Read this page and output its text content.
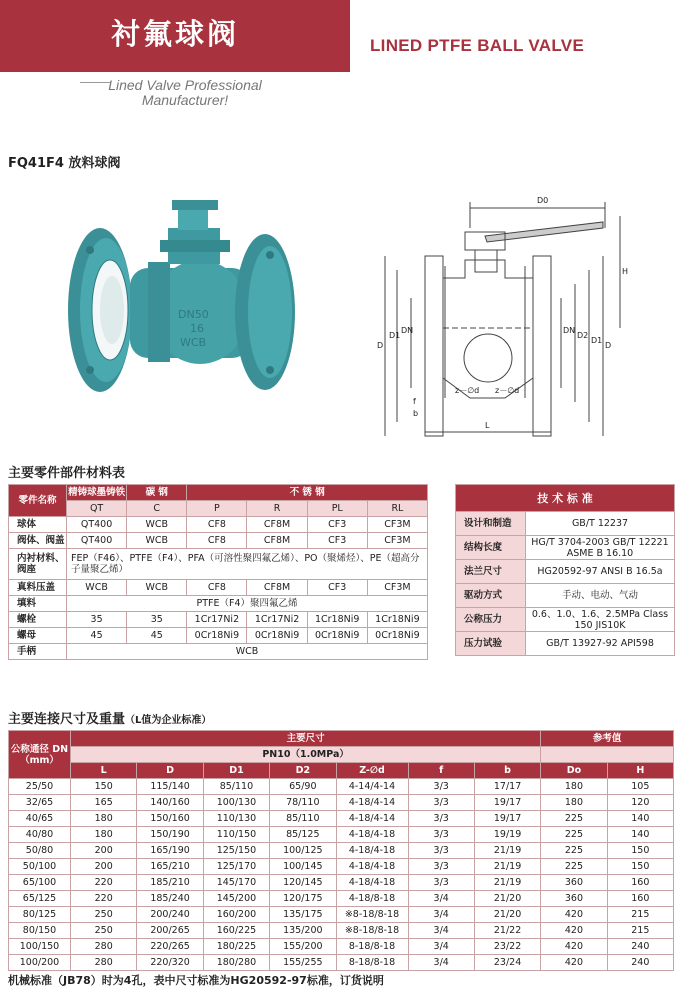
衬氟球阀	LINED PTFE BALL VALVE
Lined Valve Professional
Manufacturer!
FQ41F4 放料球阀
DN50
16
WCB
D0
D
D1
DN	DN
D2
D1
D
H
z－∅d z－∅d
f
b
L
主要零件部件材料表
零件名称	精铸球墨铸铁	碳 钢	不 锈 钢			
	QT	C	P	R	PL	RL
球体	QT400	WCB	CF8	CF8M	CF3	CF3M
阀体、阀盖	QT400	WCB	CF8	CF8M	CF3	CF3M
内衬材料、阀座	FEP（F46）、PTFE（F4）、PFA（可溶性聚四氟乙烯）、PO（聚烯烃）、PE（超高分子量聚乙烯）					
真料压盖	WCB	WCB	CF8	CF8M	CF3	CF3M
填料	PTFE（F4）聚四氟乙烯					
螺栓	35	35	1Cr17Ni2	1Cr17Ni2	1Cr18Ni9	1Cr18Ni9
螺母	45	45	0Cr18Ni9	0Cr18Ni9	0Cr18Ni9	0Cr18Ni9
手柄	WCB					
技 术 标 准	
设计和制造	GB/T 12237
结构长度	HG/T 3704-2003 GB/T 12221 ASME B 16.10
法兰尺寸	HG20592-97 ANSI B 16.5a
驱动方式	手动、电动、气动
公称压力	0.6、1.0、1.6、2.5MPa Class 150 JIS10K
压力试验	GB/T 13927-92 API598
主要连接尺寸及重量（L值为企业标准）
公称通径 DN（mm）	主要尺寸							参考值	
	PN10（1.0MPa）								
	L	D	D1	D2	Z-∅d	f	b	Do	H
25/50	150	115/140	85/110	65/90	4-14/4-14	3/3	17/17	180	105
32/65	165	140/160	100/130	78/110	4-18/4-14	3/3	19/17	180	120
40/65	180	150/160	110/130	85/110	4-18/4-14	3/3	19/17	225	140
40/80	180	150/190	110/150	85/125	4-18/4-18	3/3	19/19	225	140
50/80	200	165/190	125/150	100/125	4-18/4-18	3/3	21/19	225	150
50/100	200	165/210	125/170	100/145	4-18/4-18	3/3	21/19	225	150
65/100	220	185/210	145/170	120/145	4-18/4-18	3/3	21/19	360	160
65/125	220	185/240	145/200	120/175	4-18/8-18	3/4	21/20	360	160
80/125	250	200/240	160/200	135/175	※8-18/8-18	3/4	21/20	420	215
80/150	250	200/265	160/225	135/200	※8-18/8-18	3/4	21/22	420	215
100/150	280	220/265	180/225	155/200	8-18/8-18	3/4	23/22	420	240
100/200	280	220/320	180/280	155/255	8-18/8-18	3/4	23/24	420	240
机械标准（JB78）时为4孔，表中尺寸标准为HG20592-97标准，订货说明
